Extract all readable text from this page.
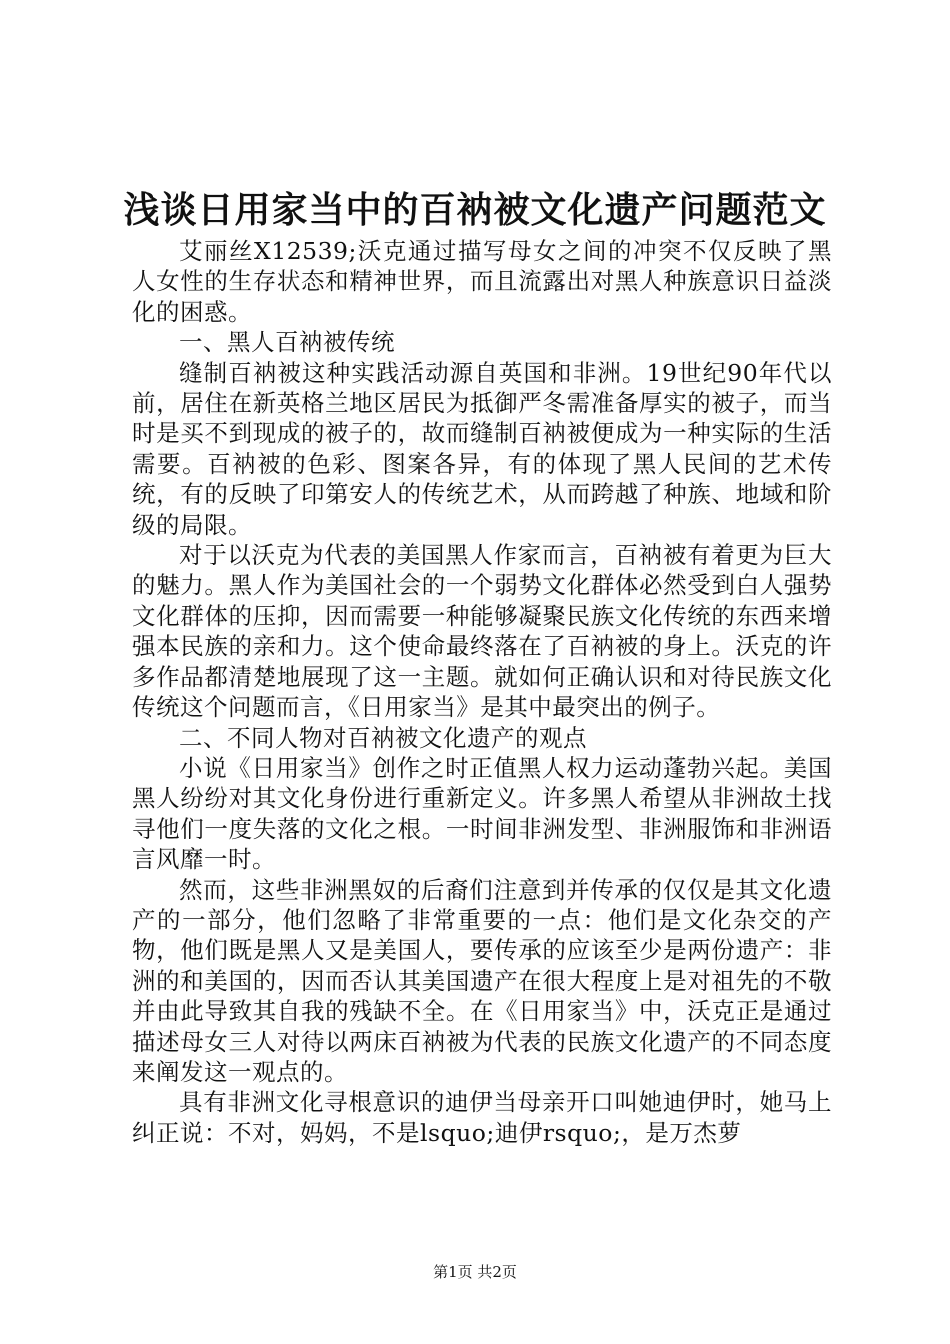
浅谈日用家当中的百衲被文化遗产问题范文

艾丽丝X12539;沃克通过描写母女之间的冲突不仅反映了黑人女性的生存状态和精神世界，而且流露出对黑人种族意识日益淡化的困惑。

一、黑人百衲被传统

缝制百衲被这种实践活动源自英国和非洲。19世纪90年代以前，居住在新英格兰地区居民为抵御严冬需准备厚实的被子，而当时是买不到现成的被子的，故而缝制百衲被便成为一种实际的生活需要。百衲被的色彩、图案各异，有的体现了黑人民间的艺术传统，有的反映了印第安人的传统艺术，从而跨越了种族、地域和阶级的局限。

对于以沃克为代表的美国黑人作家而言，百衲被有着更为巨大的魅力。黑人作为美国社会的一个弱势文化群体必然受到白人强势文化群体的压抑，因而需要一种能够凝聚民族文化传统的东西来增强本民族的亲和力。这个使命最终落在了百衲被的身上。沃克的许多作品都清楚地展现了这一主题。就如何正确认识和对待民族文化传统这个问题而言，《日用家当》是其中最突出的例子。

二、不同人物对百衲被文化遗产的观点

小说《日用家当》创作之时正值黑人权力运动蓬勃兴起。美国黑人纷纷对其文化身份进行重新定义。许多黑人希望从非洲故土找寻他们一度失落的文化之根。一时间非洲发型、非洲服饰和非洲语言风靡一时。

然而，这些非洲黑奴的后裔们注意到并传承的仅仅是其文化遗产的一部分，他们忽略了非常重要的一点：他们是文化杂交的产物，他们既是黑人又是美国人，要传承的应该至少是两份遗产：非洲的和美国的，因而否认其美国遗产在很大程度上是对祖先的不敬并由此导致其自我的残缺不全。在《日用家当》中，沃克正是通过描述母女三人对待以两床百衲被为代表的民族文化遗产的不同态度来阐发这一观点的。

具有非洲文化寻根意识的迪伊当母亲开口叫她迪伊时，她马上纠正说：不对，妈妈，不是lsquo;迪伊rsquo;，是万杰萝

第1页 共2页
